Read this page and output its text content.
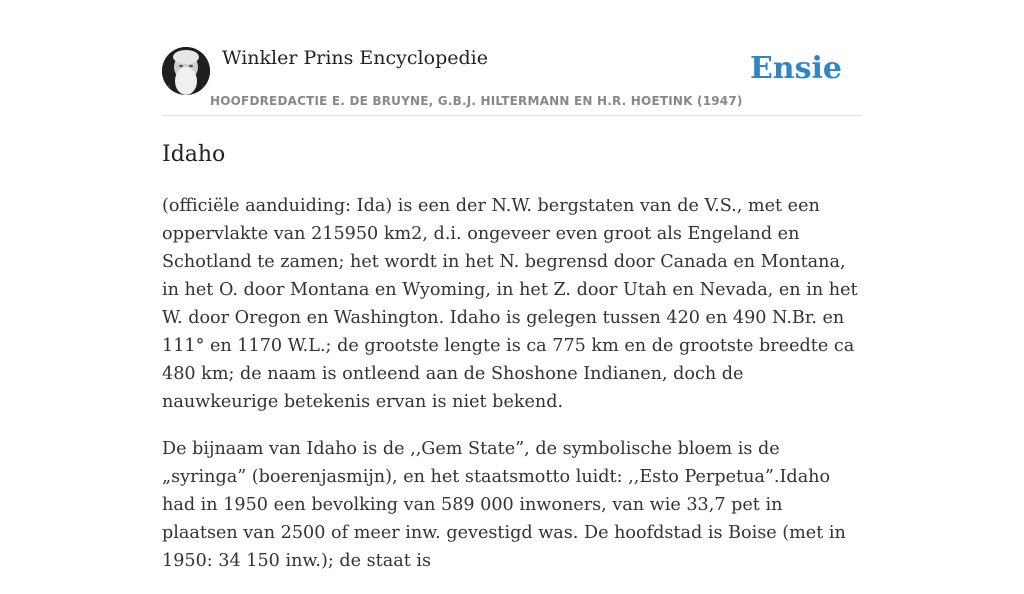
Winkler Prins Encyclopedie
HOOFDREDACTIE E. DE BRUYNE, G.B.J. HILTERMANN EN H.R. HOETINK (1947)
Ensie
Idaho

(officiële aanduiding: Ida) is een der N.W. bergstaten van de V.S., met een oppervlakte van 215950 km2, d.i. ongeveer even groot als Engeland en Schotland te zamen; het wordt in het N. begrensd door Canada en Montana, in het O. door Montana en Wyoming, in het Z. door Utah en Nevada, en in het W. door Oregon en Washington. Idaho is gelegen tussen 420 en 490 N.Br. en 111° en 1170 W.L.; de grootste lengte is ca 775 km en de grootste breedte ca 480 km; de naam is ontleend aan de Shoshone Indianen, doch de nauwkeurige betekenis ervan is niet bekend.

De bijnaam van Idaho is de ,,Gem State”, de symbolische bloem is de „syringa” (boerenjasmijn), en het staatsmotto luidt: ,,Esto Perpetua”.Idaho had in 1950 een bevolking van 589 000 inwoners, van wie 33,7 pet in plaatsen van 2500 of meer inw. gevestigd was. De hoofdstad is Boise (met in 1950: 34 150 inw.); de staat is
